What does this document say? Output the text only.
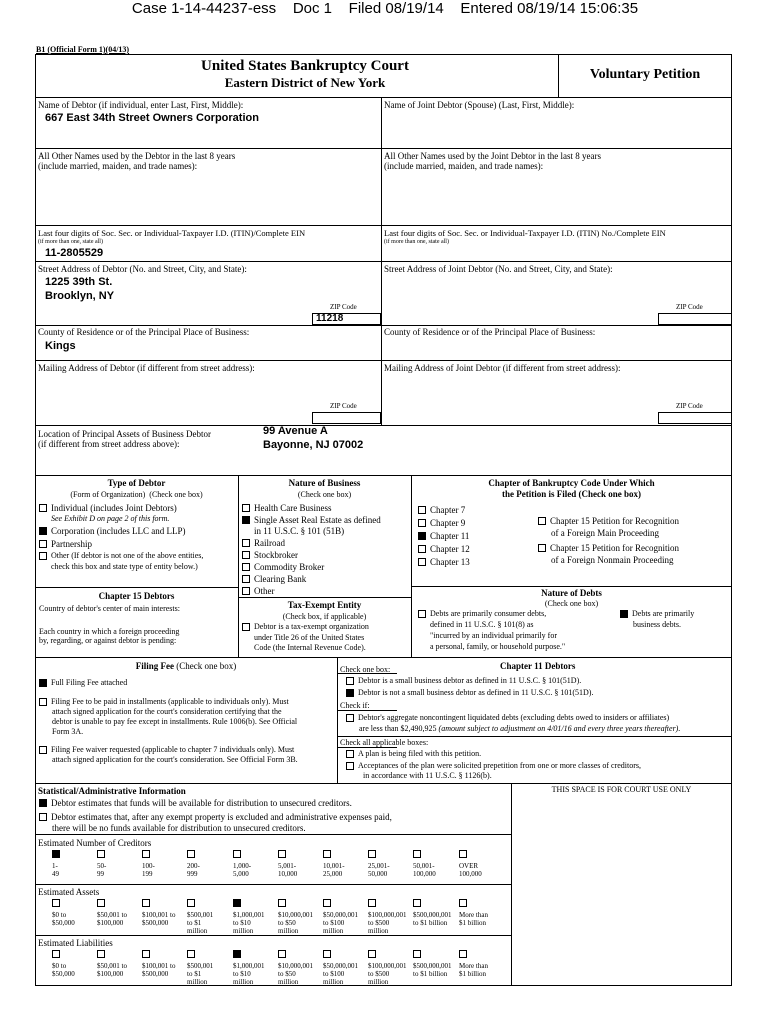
Case 1-14-44237-ess    Doc 1    Filed 08/19/14    Entered 08/19/14 15:06:35
B1 (Official Form 1)(04/13)
United States Bankruptcy Court
Eastern District of New York
Voluntary Petition
Name of Debtor (if individual, enter Last, First, Middle):
667 East 34th Street Owners Corporation
Name of Joint Debtor (Spouse) (Last, First, Middle):
All Other Names used by the Debtor in the last 8 years
(include married, maiden, and trade names):
All Other Names used by the Joint Debtor in the last 8 years
(include married, maiden, and trade names):
Last four digits of Soc. Sec. or Individual-Taxpayer I.D. (ITIN)/Complete EIN
(if more than one, state all)
11-2805529
Last four digits of Soc. Sec. or Individual-Taxpayer I.D. (ITIN) No./Complete EIN
(if more than one, state all)
Street Address of Debtor (No. and Street, City, and State):
1225 39th St.
Brooklyn, NY
ZIP Code
11218
Street Address of Joint Debtor (No. and Street, City, and State):
ZIP Code
County of Residence or of the Principal Place of Business:
Kings
County of Residence or of the Principal Place of Business:
Mailing Address of Debtor (if different from street address):
ZIP Code
Mailing Address of Joint Debtor (if different from street address):
ZIP Code
Location of Principal Assets of Business Debtor
(if different from street address above):
99 Avenue A
Bayonne, NJ 07002
Type of Debtor
(Form of Organization)  (Check one box)
Individual (includes Joint Debtors)
See Exhibit D on page 2 of this form.
Corporation (includes LLC and LLP)
Partnership
Other (If debtor is not one of the above entities,
check this box and state type of entity below.)
Nature of Business
(Check one box)
Health Care Business
Single Asset Real Estate as defined
in 11 U.S.C. § 101 (51B)
Railroad
Stockbroker
Commodity Broker
Clearing Bank
Other
Chapter 15 Debtors
Country of debtor's center of main interests:
Each country in which a foreign proceeding
by, regarding, or against debtor is pending:
Tax-Exempt Entity
(Check box, if applicable)
Debtor is a tax-exempt organization
under Title 26 of the United States
Code (the Internal Revenue Code).
Chapter of Bankruptcy Code Under Which
the Petition is Filed (Check one box)
Chapter 7
Chapter 9
Chapter 11
Chapter 12
Chapter 13
Chapter 15 Petition for Recognition
of a Foreign Main Proceeding
Chapter 15 Petition for Recognition
of a Foreign Nonmain Proceeding
Nature of Debts
(Check one box)
Debts are primarily consumer debts,
defined in 11 U.S.C. § 101(8) as
"incurred by an individual primarily for
a personal, family, or household purpose."
Debts are primarily
business debts.
Filing Fee (Check one box)
Full Filing Fee attached
Filing Fee to be paid in installments (applicable to individuals only). Must
attach signed application for the court's consideration certifying that the
debtor is unable to pay fee except in installments. Rule 1006(b). See Official
Form 3A.
Filing Fee waiver requested (applicable to chapter 7 individuals only). Must
attach signed application for the court's consideration. See Official Form 3B.
Check one box:	Chapter 11 Debtors
Debtor is a small business debtor as defined in 11 U.S.C. § 101(51D).
Debtor is not a small business debtor as defined in 11 U.S.C. § 101(51D).
Check if:
Debtor's aggregate noncontingent liquidated debts (excluding debts owed to insiders or affiliates)
are less than $2,490,925 (amount subject to adjustment on 4/01/16 and every three years thereafter).
Check all applicable boxes:
A plan is being filed with this petition.
Acceptances of the plan were solicited prepetition from one or more classes of creditors,
in accordance with 11 U.S.C. § 1126(b).
Statistical/Administrative Information	THIS SPACE IS FOR COURT USE ONLY
Debtor estimates that funds will be available for distribution to unsecured creditors.
Debtor estimates that, after any exempt property is excluded and administrative expenses paid,
there will be no funds available for distribution to unsecured creditors.
Estimated Number of Creditors
1-
49
50-
99
100-
199
200-
999
1,000-
5,000
5,001-
10,000
10,001-
25,000
25,001-
50,000
50,001-
100,000
OVER
100,000
Estimated Assets
$0 to
$50,000
$50,001 to
$100,000
$100,001 to
$500,000
$500,001
to $1
million
$1,000,001
to $10
million
$10,000,001
to $50
million
$50,000,001
to $100
million
$100,000,001
to $500
million
$500,000,001
to $1 billion
More than
$1 billion
Estimated Liabilities
$0 to
$50,000
$50,001 to
$100,000
$100,001 to
$500,000
$500,001
to $1
million
$1,000,001
to $10
million
$10,000,001
to $50
million
$50,000,001
to $100
million
$100,000,001
to $500
million
$500,000,001
to $1 billion
More than
$1 billion
